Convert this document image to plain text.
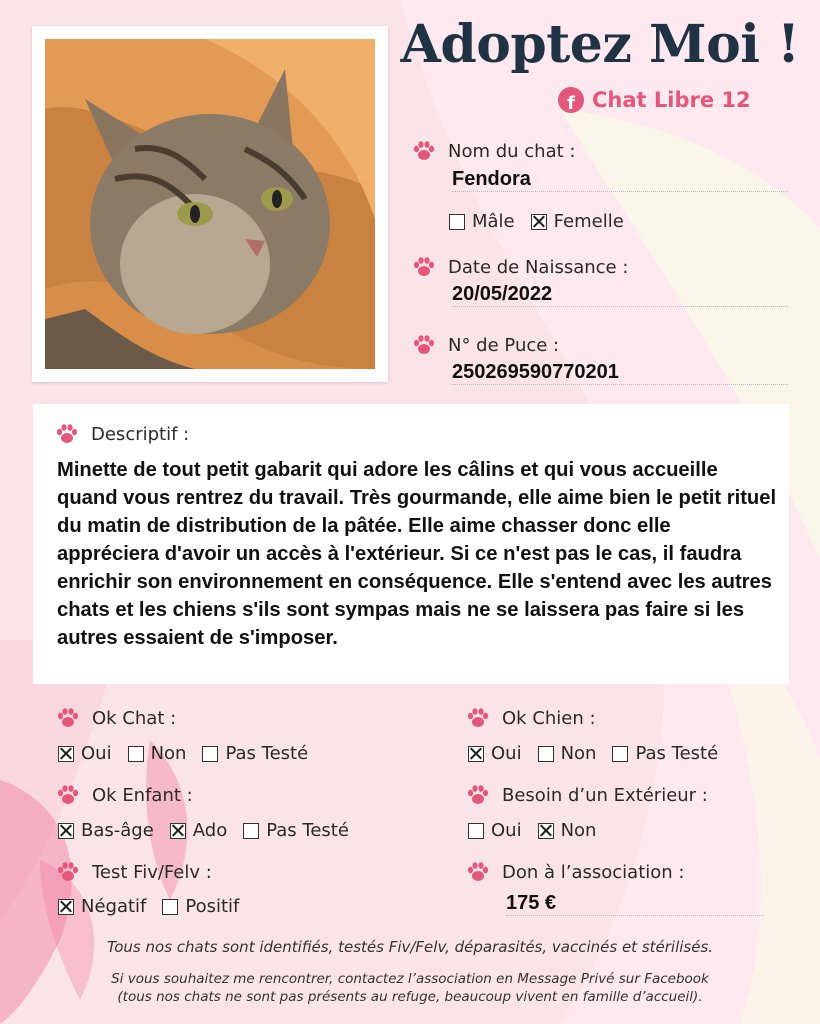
Adoptez Moi !
f Chat Libre 12
Nom du chat :
Fendora
Mâle Femelle
Date de Naissance :
20/05/2022
N° de Puce :
250269590770201
Descriptif :
Minette de tout petit gabarit qui adore les câlins et qui vous accueille quand vous rentrez du travail. Très gourmande, elle aime bien le petit rituel du matin de distribution de la pâtée. Elle aime chasser donc elle appréciera d'avoir un accès à l'extérieur. Si ce n'est pas le cas, il faudra enrichir son environnement en conséquence. Elle s'entend avec les autres chats et les chiens s'ils sont sympas mais ne se laissera pas faire si les autres essaient de s'imposer.
Ok Chat :
Oui Non Pas Testé
Ok Chien :
Oui Non Pas Testé
Ok Enfant :
Bas-âge Ado Pas Testé
Besoin d’un Extérieur :
Oui Non
Test Fiv/Felv :
Négatif Positif
Don à l’association :
175 €
Tous nos chats sont identifiés, testés Fiv/Felv, déparasités, vaccinés et stérilisés.
Si vous souhaitez me rencontrer, contactez l’association en Message Privé sur Facebook
(tous nos chats ne sont pas présents au refuge, beaucoup vivent en famille d’accueil).
